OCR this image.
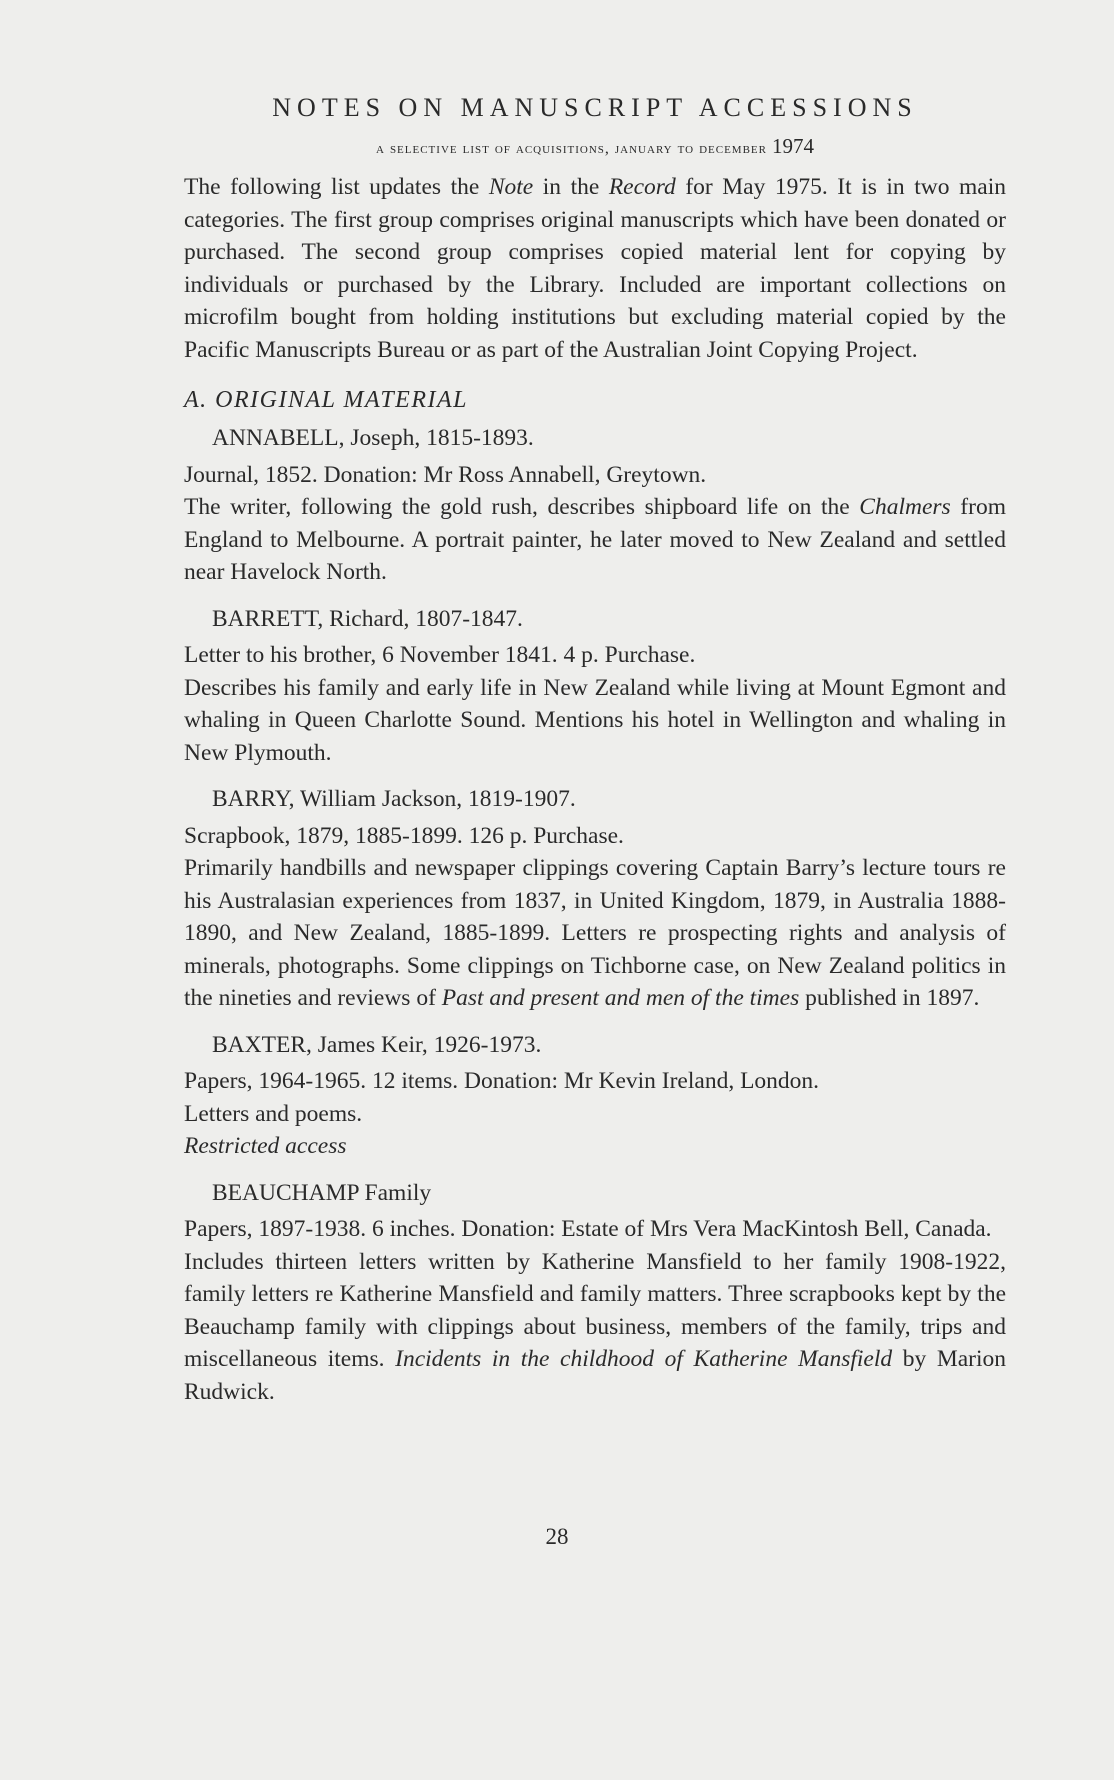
NOTES ON MANUSCRIPT ACCESSIONS
a selective list of acquisitions, january to december 1974

The following list updates the Note in the Record for May 1975. It is in two main categories. The first group comprises original manuscripts which have been donated or purchased. The second group comprises copied material lent for copying by individuals or purchased by the Library. Included are important collections on microfilm bought from holding institutions but excluding material copied by the Pacific Manuscripts Bureau or as part of the Australian Joint Copying Project.

A. ORIGINAL MATERIAL

ANNABELL, Joseph, 1815-1893.

Journal, 1852. Donation: Mr Ross Annabell, Greytown.

The writer, following the gold rush, describes shipboard life on the Chalmers from England to Melbourne. A portrait painter, he later moved to New Zealand and settled near Havelock North.

BARRETT, Richard, 1807-1847.

Letter to his brother, 6 November 1841. 4 p. Purchase.

Describes his family and early life in New Zealand while living at Mount Egmont and whaling in Queen Charlotte Sound. Mentions his hotel in Wellington and whaling in New Plymouth.

BARRY, William Jackson, 1819-1907.

Scrapbook, 1879, 1885-1899. 126 p. Purchase.

Primarily handbills and newspaper clippings covering Captain Barry’s lecture tours re his Australasian experiences from 1837, in United Kingdom, 1879, in Australia 1888-1890, and New Zealand, 1885-1899. Letters re prospecting rights and analysis of minerals, photographs. Some clippings on Tichborne case, on New Zealand politics in the nineties and reviews of Past and present and men of the times published in 1897.

BAXTER, James Keir, 1926-1973.

Papers, 1964-1965. 12 items. Donation: Mr Kevin Ireland, London.

Letters and poems.

Restricted access

BEAUCHAMP Family

Papers, 1897-1938. 6 inches. Donation: Estate of Mrs Vera MacKintosh Bell, Canada.

Includes thirteen letters written by Katherine Mansfield to her family 1908-1922, family letters re Katherine Mansfield and family matters. Three scrapbooks kept by the Beauchamp family with clippings about business, members of the family, trips and miscellaneous items. Incidents in the childhood of Katherine Mansfield by Marion Rudwick.

28
